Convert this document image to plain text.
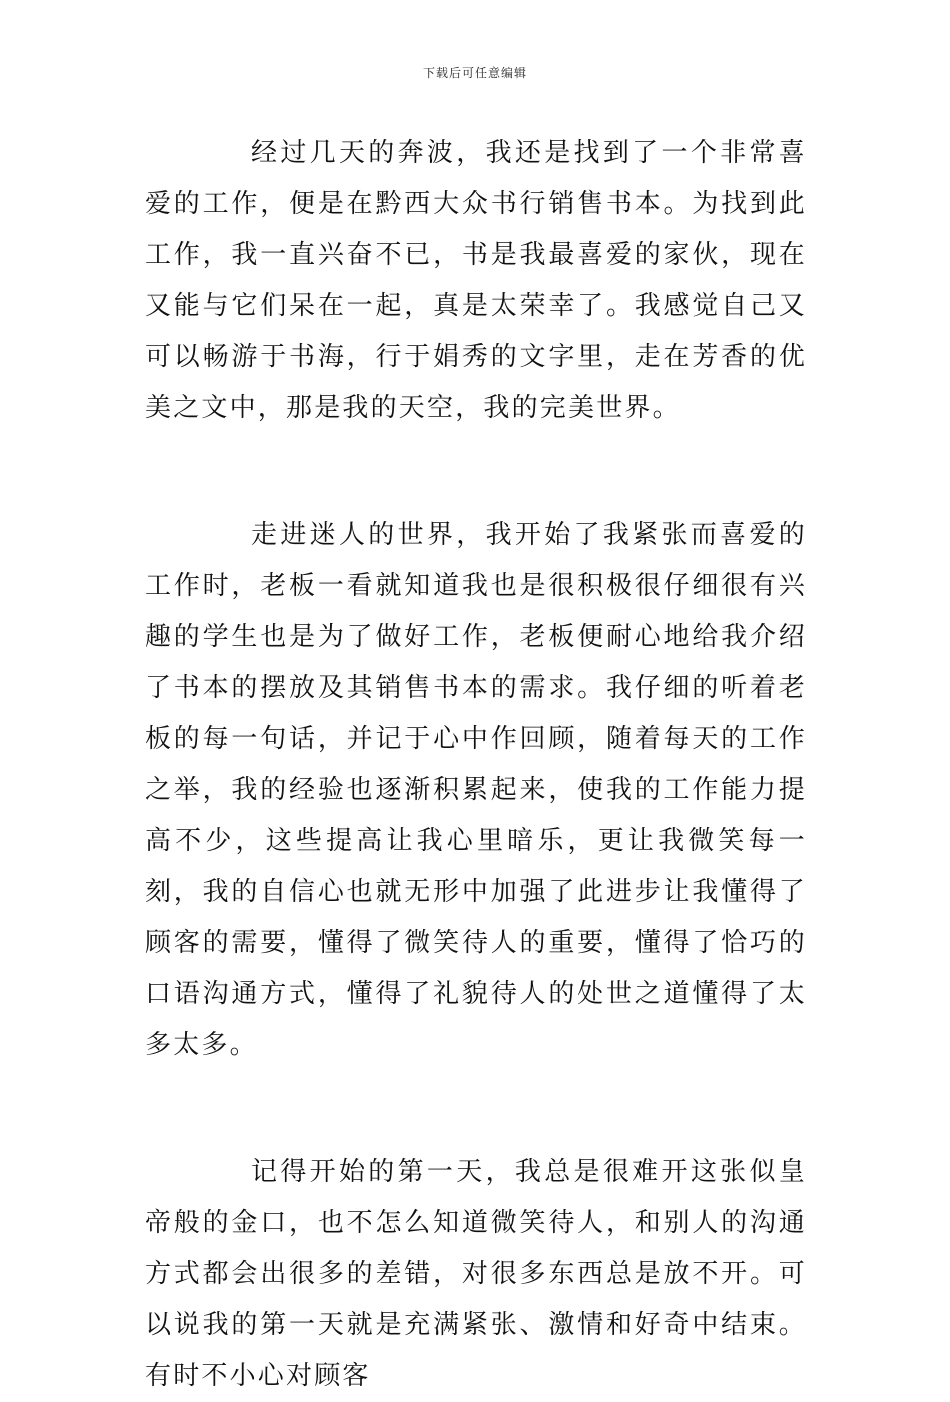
下载后可任意编辑

经过几天的奔波，我还是找到了一个非常喜爱的工作，便是在黔西大众书行销售书本。为找到此工作，我一直兴奋不已，书是我最喜爱的家伙，现在又能与它们呆在一起，真是太荣幸了。我感觉自己又可以畅游于书海，行于娟秀的文字里，走在芳香的优美之文中，那是我的天空，我的完美世界。

走进迷人的世界，我开始了我紧张而喜爱的工作时，老板一看就知道我也是很积极很仔细很有兴趣的学生也是为了做好工作，老板便耐心地给我介绍了书本的摆放及其销售书本的需求。我仔细的听着老板的每一句话，并记于心中作回顾，随着每天的工作之举，我的经验也逐渐积累起来，使我的工作能力提高不少，这些提高让我心里暗乐，更让我微笑每一刻，我的自信心也就无形中加强了此进步让我懂得了顾客的需要，懂得了微笑待人的重要，懂得了恰巧的口语沟通方式，懂得了礼貌待人的处世之道懂得了太多太多。

记得开始的第一天，我总是很难开这张似皇帝般的金口，也不怎么知道微笑待人，和别人的沟通方式都会出很多的差错，对很多东西总是放不开。可以说我的第一天就是充满紧张、激情和好奇中结束。有时不小心对顾客
